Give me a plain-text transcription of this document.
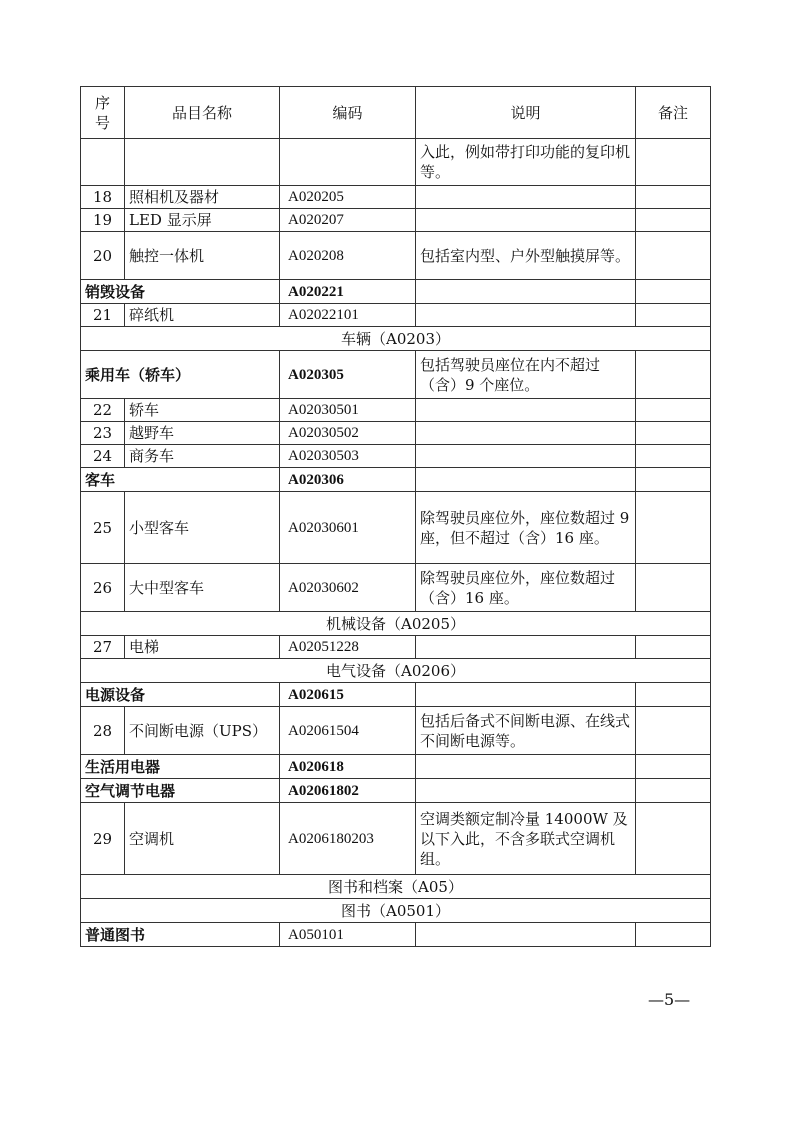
序
号	品目名称	编码	说明	备注
			入此，例如带打印功能的复印机等。	
18	照相机及器材	A020205		
19	LED 显示屏	A020207		
20	触控一体机	A020208	包括室内型、户外型触摸屏等。	
销毁设备		A020221		
21	碎纸机	A02022101		
车辆（A0203）				
乘用车（轿车）		A020305	包括驾驶员座位在内不超过（含）9 个座位。	
22	轿车	A02030501		
23	越野车	A02030502		
24	商务车	A02030503		
客车		A020306		
25	小型客车	A02030601	除驾驶员座位外，座位数超过 9 座，但不超过（含）16 座。	
26	大中型客车	A02030602	除驾驶员座位外，座位数超过（含）16 座。	
机械设备（A0205）				
27	电梯	A02051228		
电气设备（A0206）				
电源设备		A020615		
28	不间断电源（UPS）	A02061504	包括后备式不间断电源、在线式不间断电源等。	
生活用电器		A020618		
空气调节电器		A02061802		
29	空调机	A0206180203	空调类额定制冷量 14000W 及以下入此，不含多联式空调机组。	
图书和档案（A05）				
图书（A0501）				
普通图书		A050101		
—5—
